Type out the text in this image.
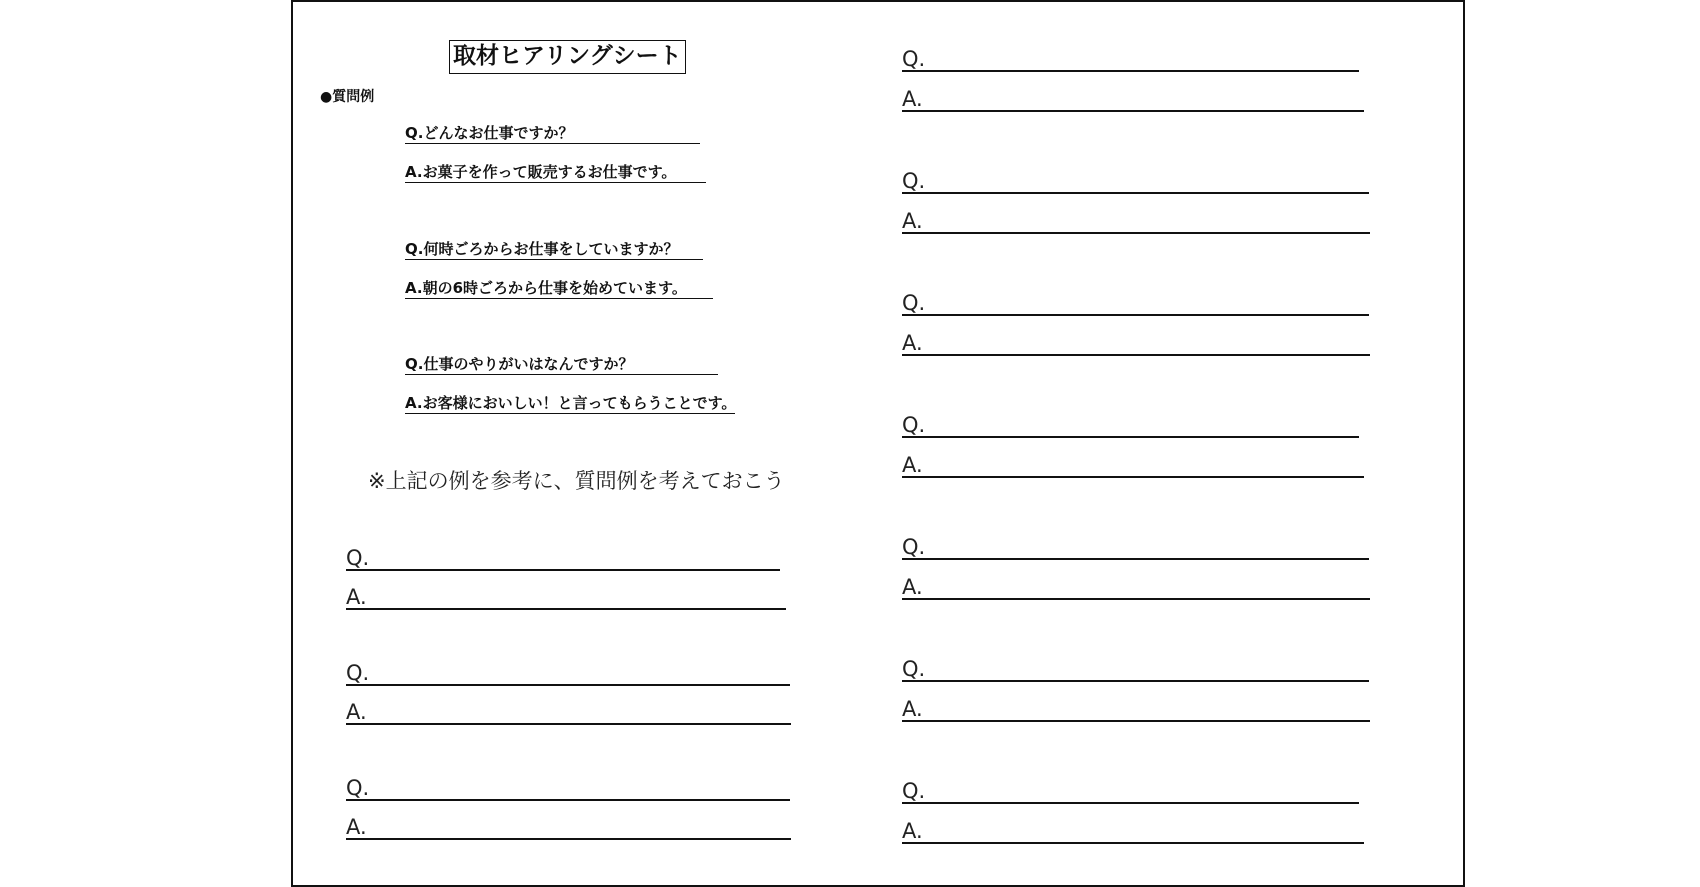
取材ヒアリングシート
●質問例
Q.どんなお仕事ですか？
A.お菓子を作って販売するお仕事です。
Q.何時ごろからお仕事をしていますか？
A.朝の6時ごろから仕事を始めています。
Q.仕事のやりがいはなんですか？
A.お客様においしい！と言ってもらうことです。
※上記の例を参考に、質問例を考えておこう
Q.
A.
Q.
A.
Q.
A.
Q.
A.
Q.
A.
Q.
A.
Q.
A.
Q.
A.
Q.
A.
Q.
A.
